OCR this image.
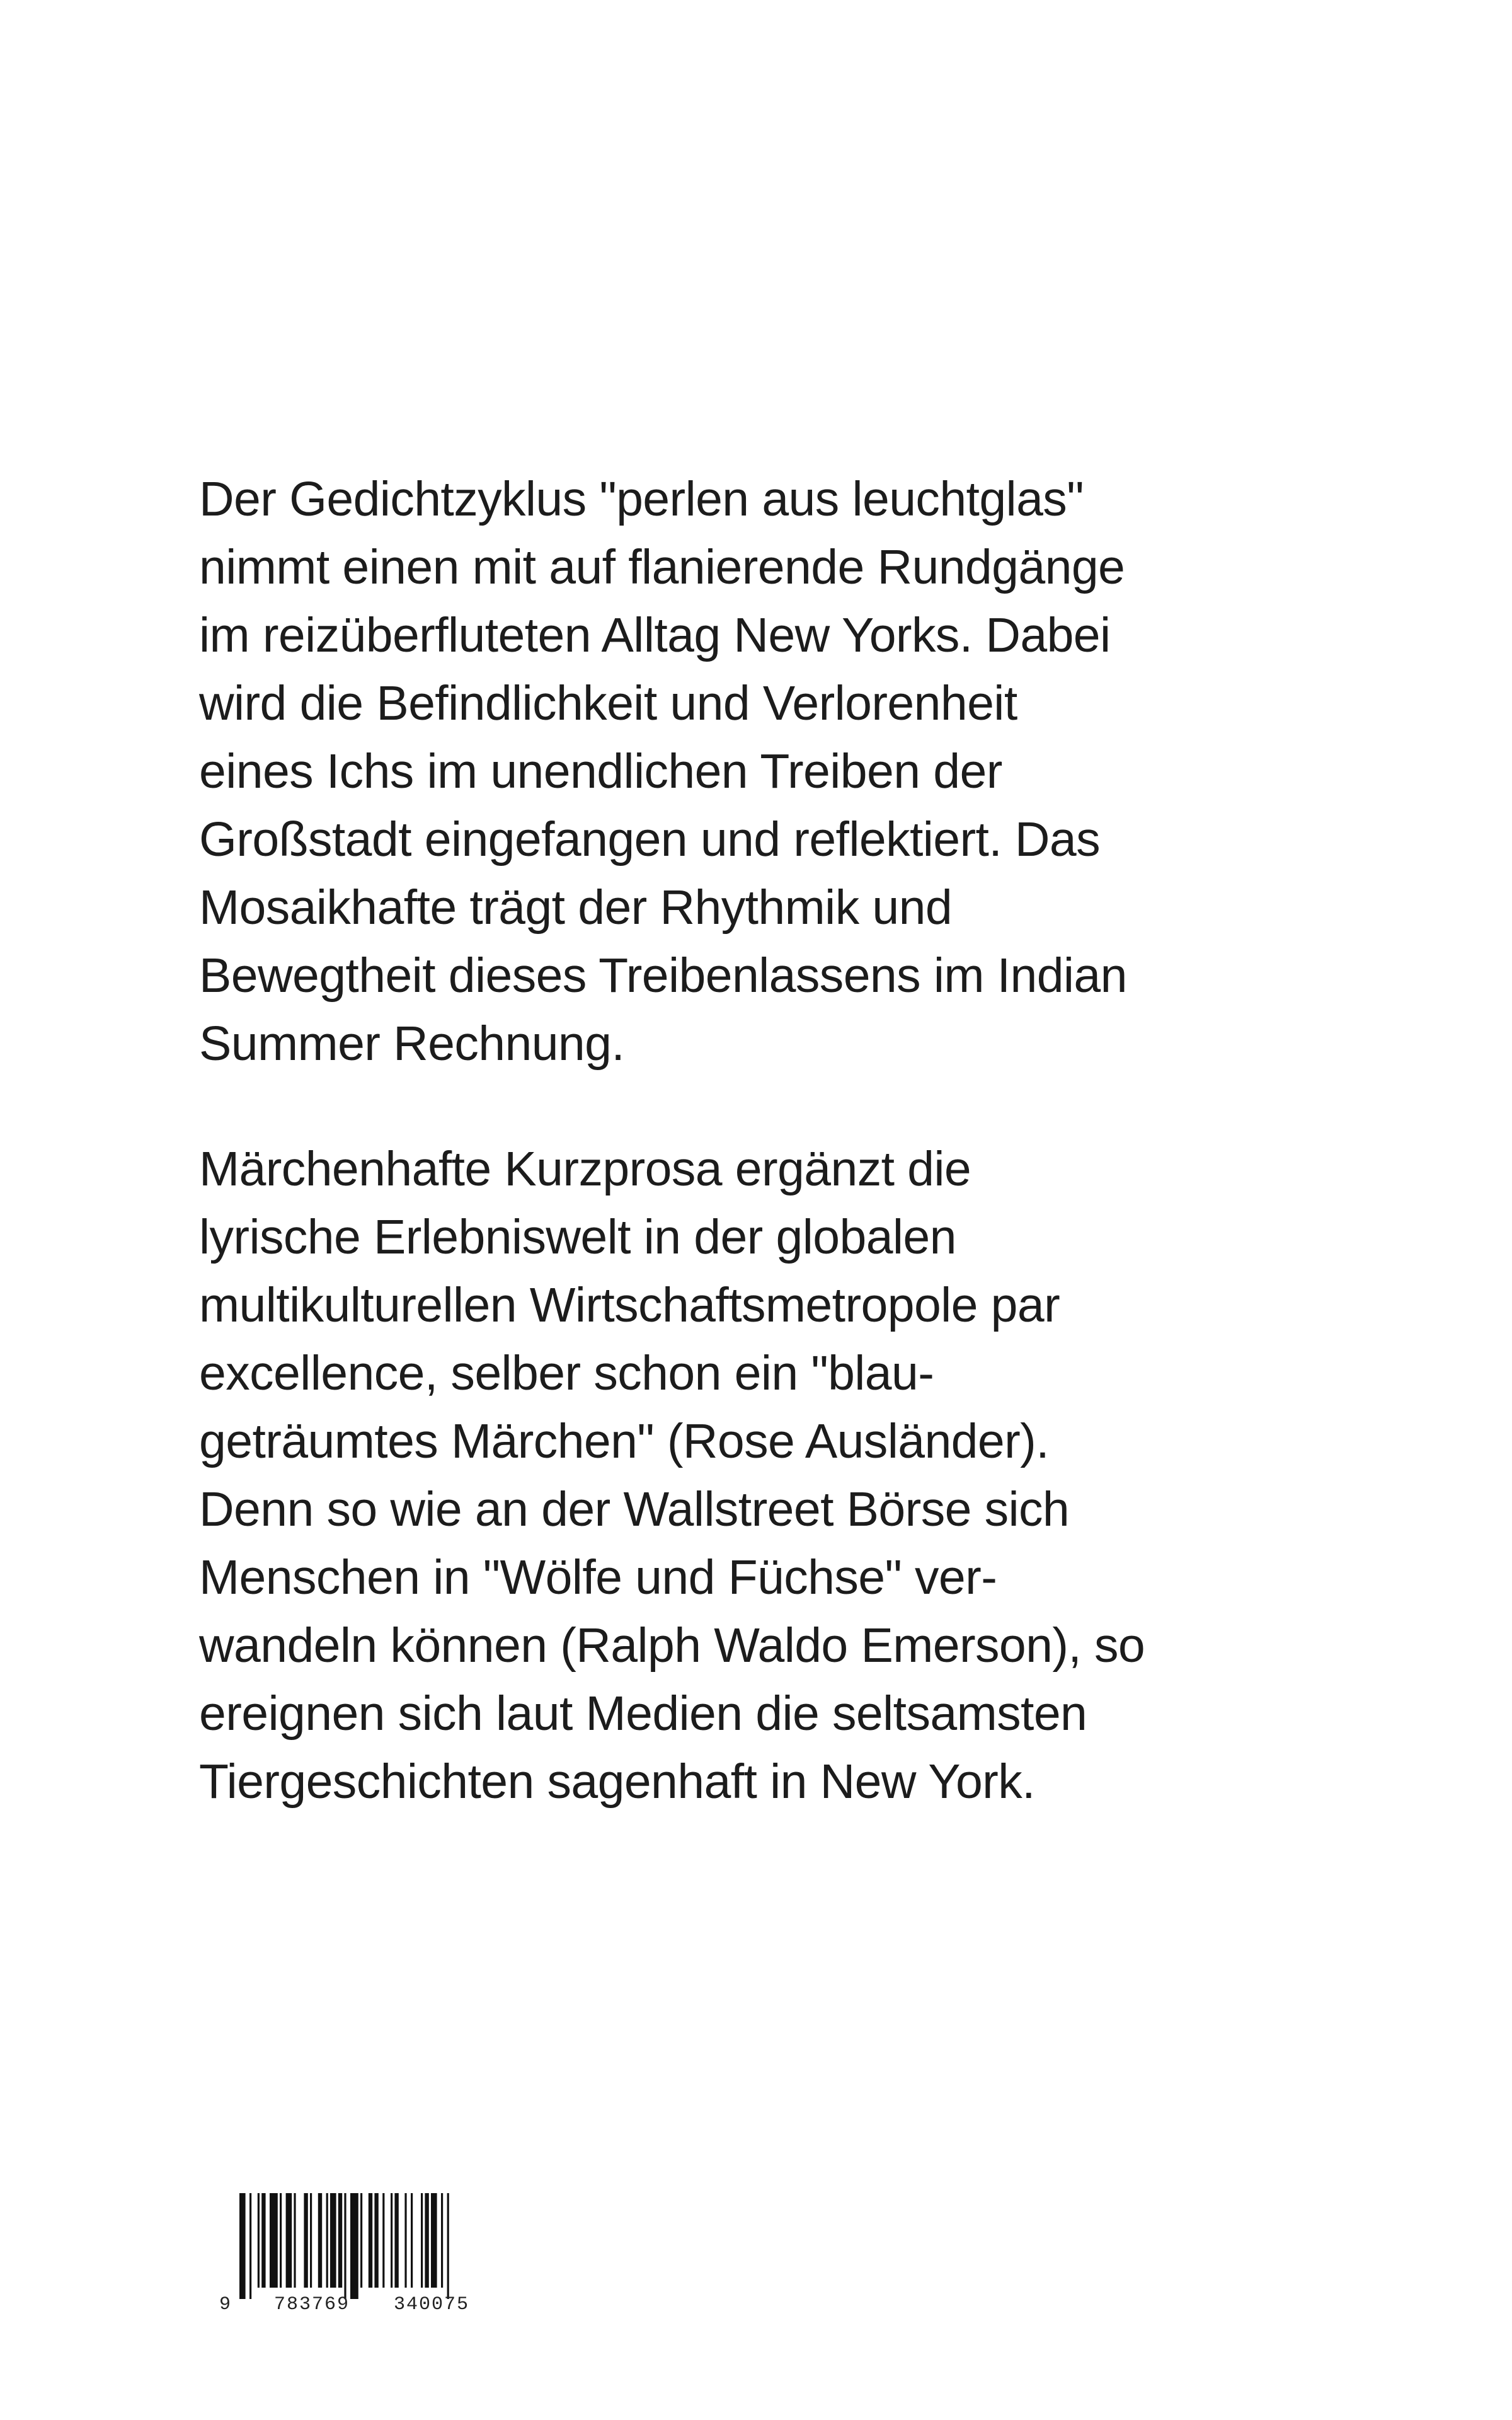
Der Gedichtzyklus "perlen aus leuchtglas"
nimmt einen mit auf flanierende Rundgänge
im reizüberfluteten Alltag New Yorks. Dabei
wird die Befindlichkeit und Verlorenheit
eines Ichs im unendlichen Treiben der
Großstadt eingefangen und reflektiert. Das
Mosaikhafte trägt der Rhythmik und
Bewegtheit dieses Treibenlassens im Indian
Summer Rechnung.
Märchenhafte Kurzprosa ergänzt die
lyrische Erlebniswelt in der globalen
multikulturellen Wirtschaftsmetropole par
excellence, selber schon ein "blau-
geträumtes Märchen" (Rose Ausländer).
Denn so wie an der Wallstreet Börse sich
Menschen in "Wölfe und Füchse" ver-
wandeln können (Ralph Waldo Emerson), so
ereignen sich laut Medien die seltsamsten
Tiergeschichten sagenhaft in New York.
9 783769 340075
